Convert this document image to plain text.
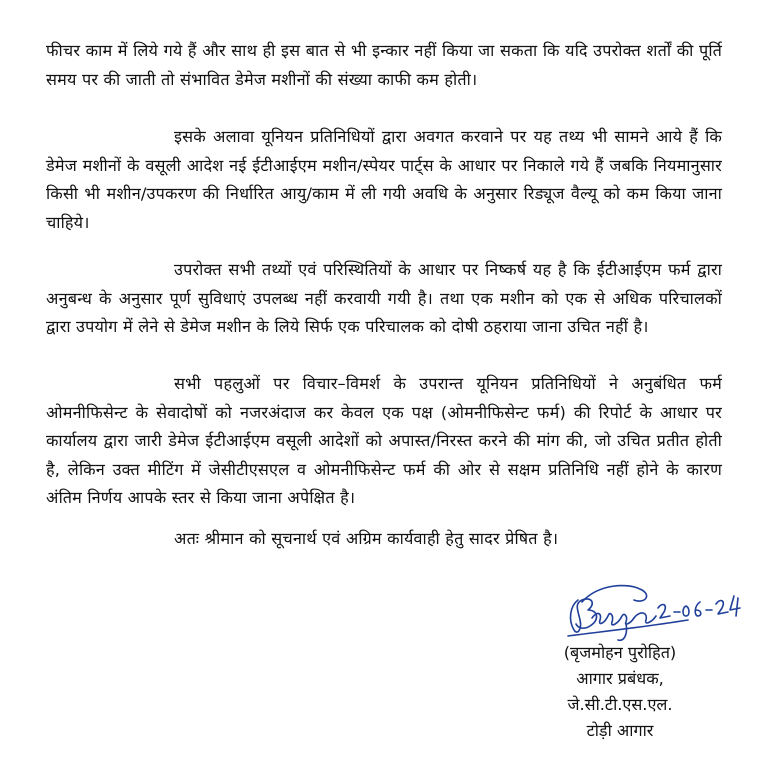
फीचर काम में लिये गये हैं और साथ ही इस बात से भी इन्कार नहीं किया जा सकता कि यदि उपरोक्त शर्तों की पूर्ति समय पर की जाती तो संभावित डेमेज मशीनों की संख्या काफी कम होती।

इसके अलावा यूनियन प्रतिनिधियों द्वारा अवगत करवाने पर यह तथ्य भी सामने आये हैं कि डेमेज मशीनों के वसूली आदेश नई ईटीआईएम मशीन/स्पेयर पार्ट्स के आधार पर निकाले गये हैं जबकि नियमानुसार किसी भी मशीन/उपकरण की निर्धारित आयु/काम में ली गयी अवधि के अनुसार रिड्यूज वैल्यू को कम किया जाना चाहिये।

उपरोक्त सभी तथ्यों एवं परिस्थितियों के आधार पर निष्कर्ष यह है कि ईटीआईएम फर्म द्वारा अनुबन्ध के अनुसार पूर्ण सुविधाएं उपलब्ध नहीं करवायी गयी है। तथा एक मशीन को एक से अधिक परिचालकों द्वारा उपयोग में लेने से डेमेज मशीन के लिये सिर्फ एक परिचालक को दोषी ठहराया जाना उचित नहीं है।

सभी पहलुओं पर विचार–विमर्श के उपरान्त यूनियन प्रतिनिधियों ने अनुबंधित फर्म ओमनीफिसेन्ट के सेवादोषों को नजरअंदाज कर केवल एक पक्ष (ओमनीफिसेन्ट फर्म) की रिपोर्ट के आधार पर कार्यालय द्वारा जारी डेमेज ईटीआईएम वसूली आदेशों को अपास्त/निरस्त करने की मांग की, जो उचित प्रतीत होती है, लेकिन उक्त मीटिंग में जेसीटीएसएल व ओमनीफिसेन्ट फर्म की ओर से सक्षम प्रतिनिधि नहीं होने के कारण अंतिम निर्णय आपके स्तर से किया जाना अपेक्षित है।

अतः श्रीमान को सूचनार्थ एवं अग्रिम कार्यवाही हेतु सादर प्रेषित है।

(बृजमोहन पुरोहित)
आगार प्रबंधक,
जे.सी.टी.एस.एल.
टोड़ी आगार
